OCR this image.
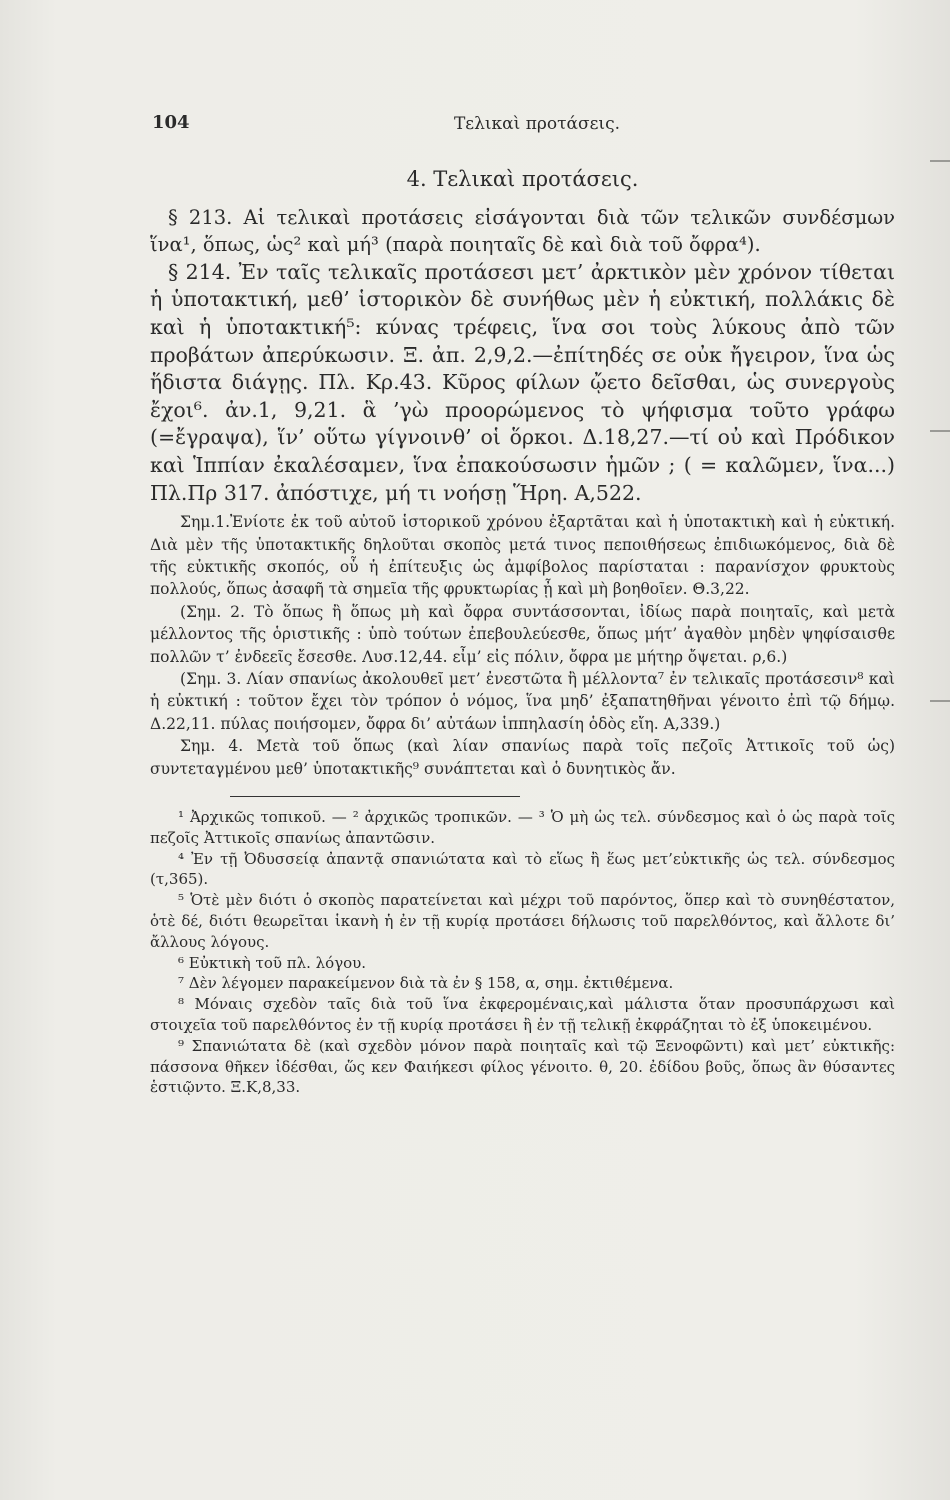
104	Τελικαὶ προτάσεις.
4. Τελικαὶ προτάσεις.

§ 213. Αἱ τελικαὶ προτάσεις εἰσάγονται διὰ τῶν τελικῶν συνδέσμων ἵνα¹, ὅπως, ὡς² καὶ μή³ (παρὰ ποιηταῖς δὲ καὶ διὰ τοῦ ὄφρα⁴).

§ 214. Ἐν ταῖς τελικαῖς προτάσεσι μετ’ ἀρκτικὸν μὲν χρόνον τίθεται ἡ ὑποτακτική, μεθ’ ἱστορικὸν δὲ συνήθως μὲν ἡ εὐκτική, πολλάκις δὲ καὶ ἡ ὑποτακτική⁵: κύνας τρέφεις, ἵνα σοι τοὺς λύκους ἀπὸ τῶν προβάτων ἀπερύκωσιν. Ξ. ἀπ. 2,9,2.—ἐπίτηδές σε οὐκ ἤγειρον, ἵνα ὡς ἥδιστα διάγῃς. Πλ. Κρ.43. Κῦρος φίλων ᾤετο δεῖσθαι, ὡς συνεργοὺς ἔχοι⁶. ἀν.1, 9,21. ἃ ’γὼ προορώμενος τὸ ψήφισμα τοῦτο γράφω (=ἔγραψα), ἵν’ οὕτω γίγνοινθ’ οἱ ὅρκοι. Δ.18,27.—τί οὐ καὶ Πρόδικον καὶ Ἱππίαν ἐκαλέσαμεν, ἵνα ἐπακούσωσιν ἡμῶν ; ( = καλῶμεν, ἵνα...) Πλ.Πρ 317. ἀπόστιχε, μή τι νοήσῃ Ἥρη. Α,522.

Σημ.1.Ἐνίοτε ἐκ τοῦ αὐτοῦ ἱστορικοῦ χρόνου ἐξαρτᾶται καὶ ἡ ὑποτακτικὴ καὶ ἡ εὐκτική. Διὰ μὲν τῆς ὑποτακτικῆς δηλοῦται σκοπὸς μετά τινος πεποιθήσεως ἐπιδιωκόμενος, διὰ δὲ τῆς εὐκτικῆς σκοπός, οὗ ἡ ἐπίτευξις ὡς ἀμφίβολος παρίσταται : παρανίσχον φρυκτοὺς πολλούς, ὅπως ἀσαφῆ τὰ σημεῖα τῆς φρυκτωρίας ᾖ καὶ μὴ βοηθοῖεν. Θ.3,22.

(Σημ. 2. Τὸ ὅπως ἢ ὅπως μὴ καὶ ὄφρα συντάσσονται, ἰδίως παρὰ ποιηταῖς, καὶ μετὰ μέλλοντος τῆς ὁριστικῆς : ὑπὸ τούτων ἐπεβουλεύεσθε, ὅπως μήτ’ ἀγαθὸν μηδὲν ψηφίσαισθε πολλῶν τ’ ἐνδεεῖς ἔσεσθε. Λυσ.12,44. εἶμ’ εἰς πόλιν, ὄφρα με μήτηρ ὄψεται. ρ,6.)

(Σημ. 3. Λίαν σπανίως ἀκολουθεῖ μετ’ ἐνεστῶτα ἢ μέλλοντα⁷ ἐν τελικαῖς προτάσεσιν⁸ καὶ ἡ εὐκτική : τοῦτον ἔχει τὸν τρόπον ὁ νόμος, ἵνα μηδ’ ἐξαπατηθῆναι γένοιτο ἐπὶ τῷ δήμῳ. Δ.22,11. πύλας ποιήσομεν, ὄφρα δι’ αὐτάων ἱππηλασίη ὁδὸς εἴη. Α,339.)

Σημ. 4. Μετὰ τοῦ ὅπως (καὶ λίαν σπανίως παρὰ τοῖς πεζοῖς Ἀττικοῖς τοῦ ὡς) συντεταγμένου μεθ’ ὑποτακτικῆς⁹ συνάπτεται καὶ ὁ δυνητικὸς ἄν.

¹ Ἀρχικῶς τοπικοῦ. — ² ἀρχικῶς τροπικῶν. — ³ Ὁ μὴ ὡς τελ. σύνδεσμος καὶ ὁ ὡς παρὰ τοῖς πεζοῖς Ἀττικοῖς σπανίως ἀπαντῶσιν.

⁴ Ἐν τῇ Ὀδυσσείᾳ ἀπαντᾷ σπανιώτατα καὶ τὸ εἵως ἢ ἕως μετ’εὐκτικῆς ὡς τελ. σύνδεσμος (τ,365).

⁵ Ὁτὲ μὲν διότι ὁ σκοπὸς παρατείνεται καὶ μέχρι τοῦ παρόντος, ὅπερ καὶ τὸ συνηθέστατον, ὁτὲ δέ, διότι θεωρεῖται ἱκανὴ ἡ ἐν τῇ κυρίᾳ προτάσει δήλωσις τοῦ παρελθόντος, καὶ ἄλλοτε δι’ ἄλλους λόγους.

⁶ Εὐκτικὴ τοῦ πλ. λόγου.

⁷ Δὲν λέγομεν παρακείμενον διὰ τὰ ἐν § 158, α, σημ. ἐκτιθέμενα.

⁸ Μόναις σχεδὸν ταῖς διὰ τοῦ ἵνα ἐκφερομέναις,καὶ μάλιστα ὅταν προσυπάρχωσι καὶ στοιχεῖα τοῦ παρελθόντος ἐν τῇ κυρίᾳ προτάσει ἢ ἐν τῇ τελικῇ ἐκφράζηται τὸ ἐξ ὑποκειμένου.

⁹ Σπανιώτατα δὲ (καὶ σχεδὸν μόνον παρὰ ποιηταῖς καὶ τῷ Ξενοφῶντι) καὶ μετ’ εὐκτικῆς: πάσσονα θῆκεν ἰδέσθαι, ὥς κεν Φαιήκεσι φίλος γένοιτο. θ, 20. ἐδίδου βοῦς, ὅπως ἂν θύσαντες ἑστιῷντο. Ξ.Κ,8,33.
